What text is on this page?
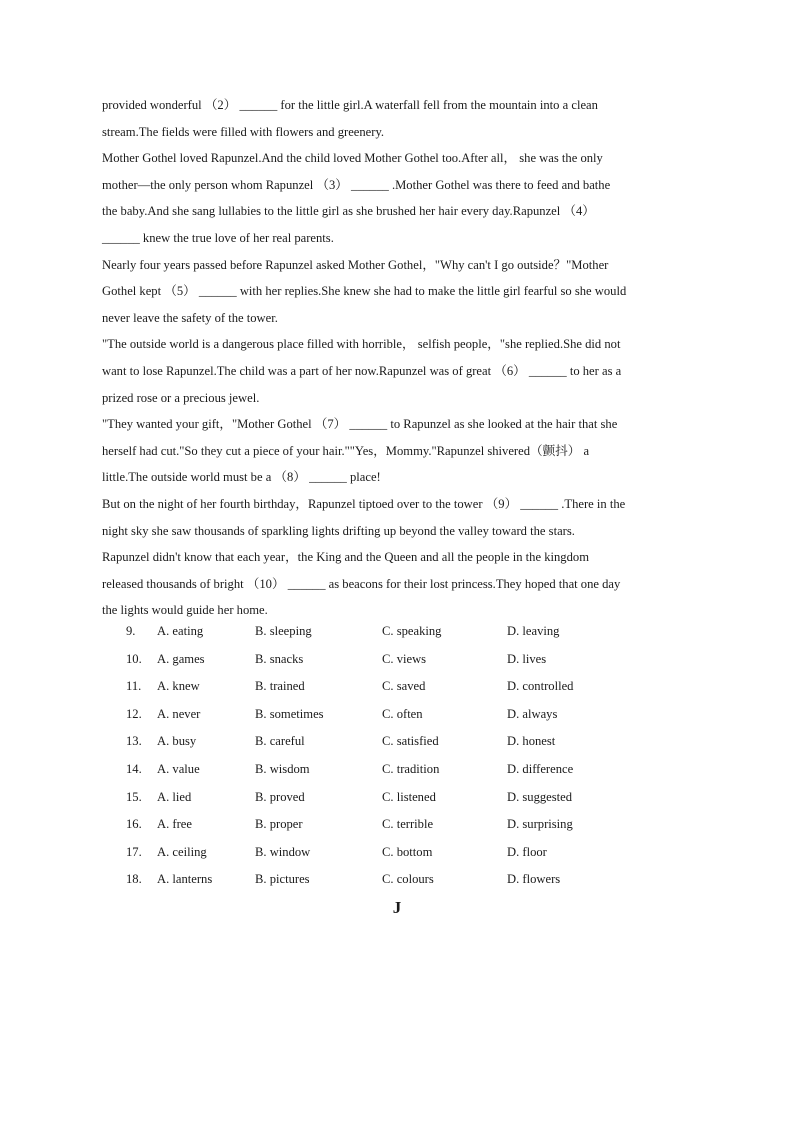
provided wonderful （2） ______ for the little girl.A waterfall fell from the mountain into a clean

stream.The fields were filled with flowers and greenery.

Mother Gothel loved Rapunzel.And the child loved Mother Gothel too.After all， she was the only

mother—the only person whom Rapunzel （3） ______ .Mother Gothel was there to feed and bathe

the baby.And she sang lullabies to the little girl as she brushed her hair every day.Rapunzel （4）

______ knew the true love of her real parents.

Nearly four years passed before Rapunzel asked Mother Gothel，"Why can't I go outside？"Mother

Gothel kept （5） ______ with her replies.She knew she had to make the little girl fearful so she would

never leave the safety of the tower.

"The outside world is a dangerous place filled with horrible， selfish people，"she replied.She did not

want to lose Rapunzel.The child was a part of her now.Rapunzel was of great （6） ______ to her as a

prized rose or a precious jewel.

"They wanted your gift，"Mother Gothel （7） ______ to Rapunzel as she looked at the hair that she

herself had cut."So they cut a piece of your hair.""Yes，Mommy."Rapunzel shivered（颤抖） a

little.The outside world must be a （8） ______ place!

But on the night of her fourth birthday，Rapunzel tiptoed over to the tower （9） ______ .There in the

night sky she saw thousands of sparkling lights drifting up beyond the valley toward the stars.

Rapunzel didn't know that each year，the King and the Queen and all the people in the kingdom

released thousands of bright （10） ______ as beacons for their lost princess.They hoped that one day

the lights would guide her home.

9. A. eating	B. sleeping	C. speaking	D. leaving
10. A. games	B. snacks	C. views	D. lives
11. A. knew	B. trained	C. saved	D. controlled
12. A. never	B. sometimes	C. often	D. always
13. A. busy	B. careful	C. satisfied	D. honest
14. A. value	B. wisdom	C. tradition	D. difference
15. A. lied	B. proved	C. listened	D. suggested
16. A. free	B. proper	C. terrible	D. surprising
17. A. ceiling	B. window	C. bottom	D. floor
18. A. lanterns	B. pictures	C. colours	D. flowers
J
